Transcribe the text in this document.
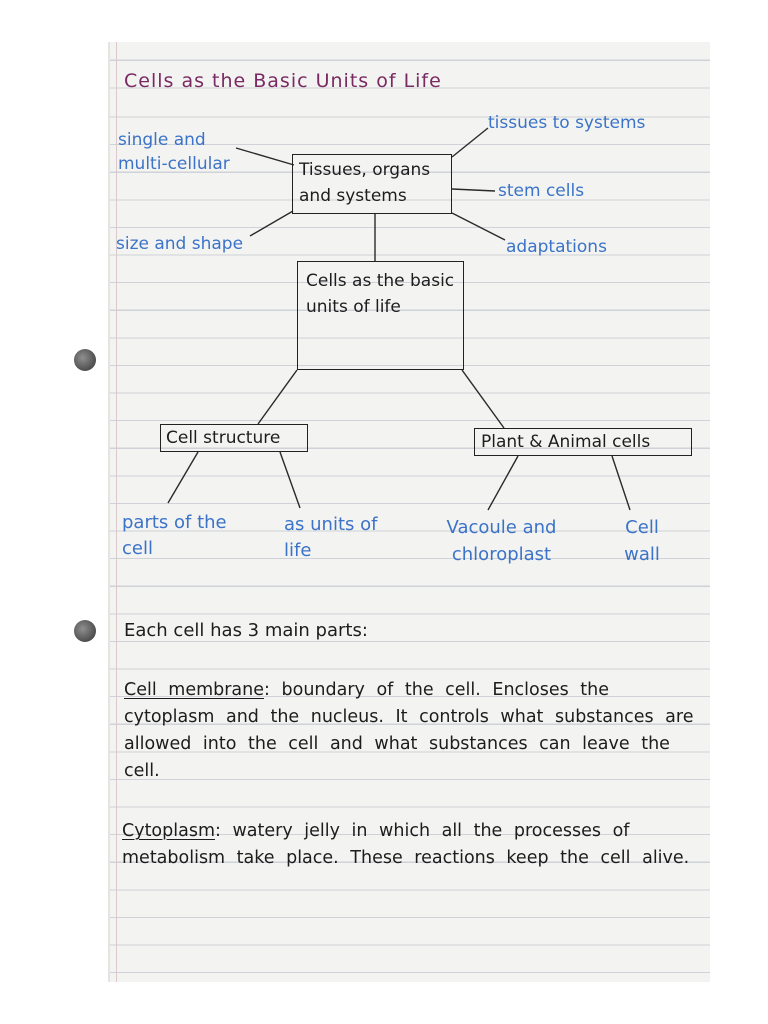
Cells as the Basic Units of Life
single and multi-cellular
tissues to systems
stem cells
size and shape	adaptations
Tissues, organs and systems
Cells as the basic units of life
Cell structure	Plant & Animal cells
parts of the cell
as units of life
Vacoule and chloroplast
Cell wall
Each cell has 3 main parts:
Cell membrane: boundary of the cell. Encloses the cytoplasm and the nucleus. It controls what substances are allowed into the cell and what substances can leave the cell.
Cytoplasm: watery jelly in which all the processes of metabolism take place. These reactions keep the cell alive.
